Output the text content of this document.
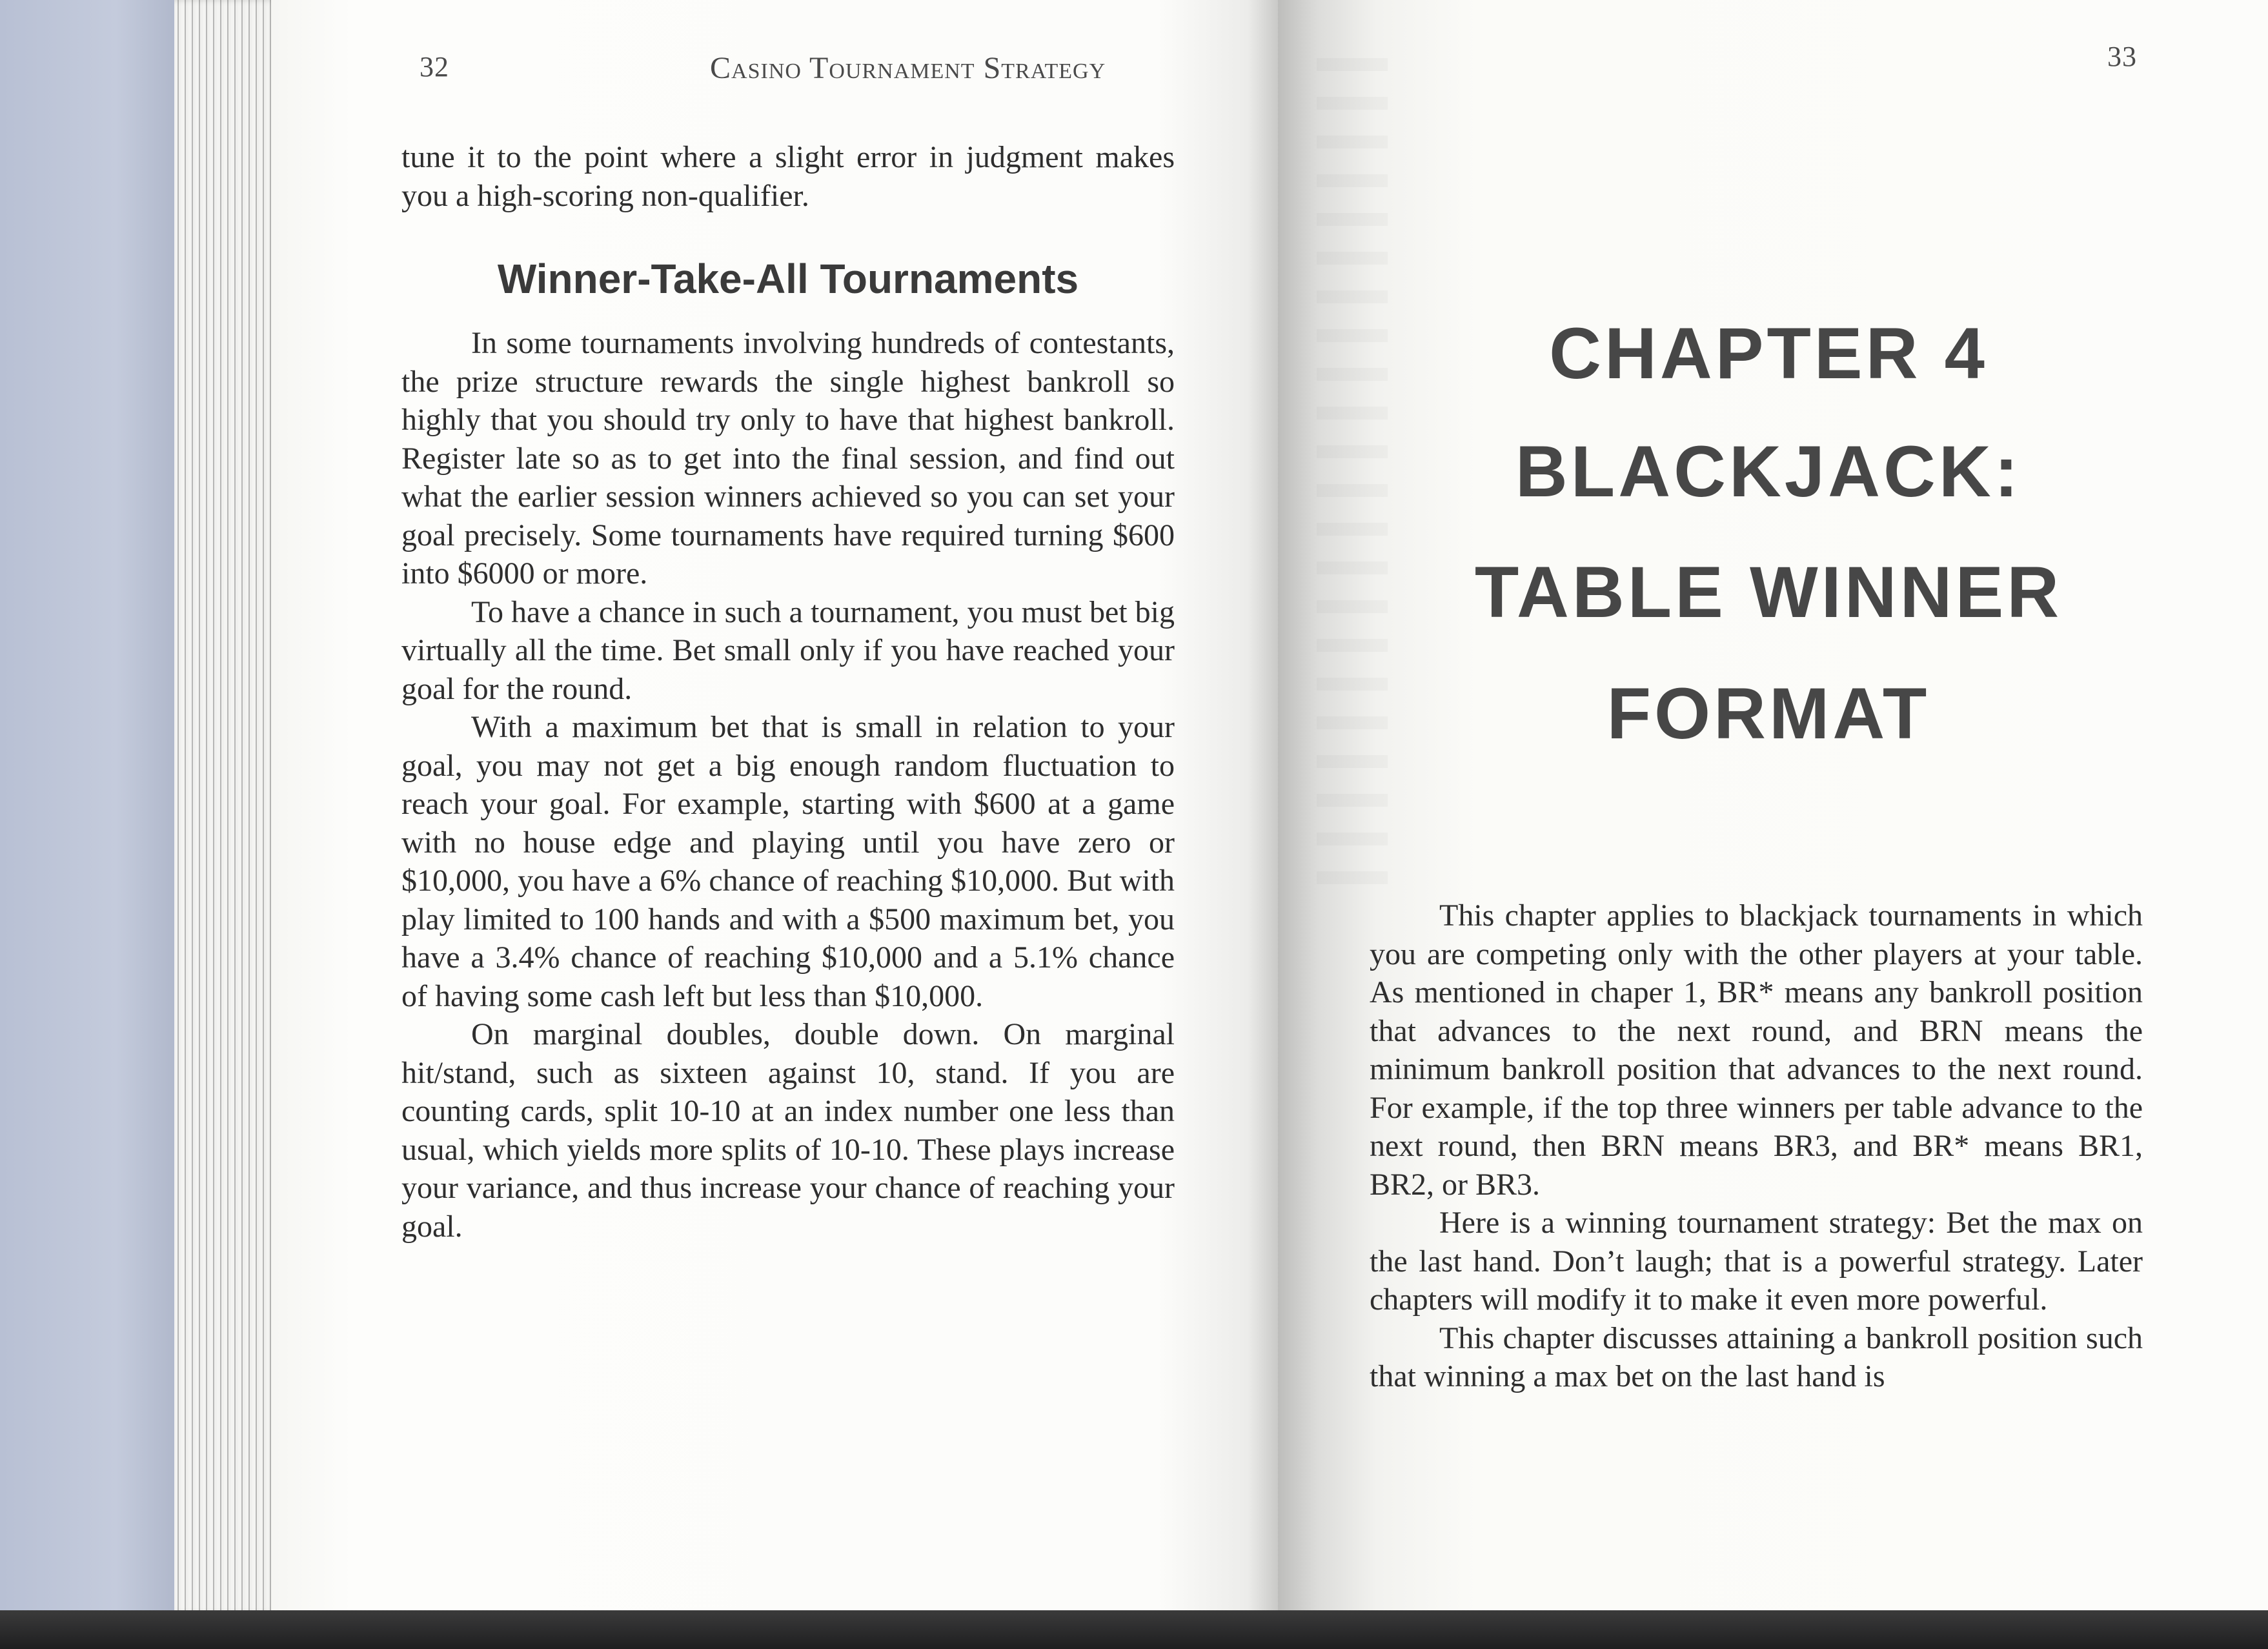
32	Casino Tournament Strategy

tune it to the point where a slight error in judgment makes you a high-scoring non-qualifier.

Winner-Take-All Tournaments

In some tournaments involving hundreds of contestants, the prize structure rewards the single highest bankroll so highly that you should try only to have that highest bankroll. Register late so as to get into the final session, and find out what the earlier session winners achieved so you can set your goal precisely. Some tournaments have required turning $600 into $6000 or more.

To have a chance in such a tournament, you must bet big virtually all the time. Bet small only if you have reached your goal for the round.

With a maximum bet that is small in relation to your goal, you may not get a big enough random fluctuation to reach your goal. For example, starting with $600 at a game with no house edge and playing until you have zero or $10,000, you have a 6% chance of reaching $10,000. But with play limited to 100 hands and with a $500 maximum bet, you have a 3.4% chance of reaching $10,000 and a 5.1% chance of having some cash left but less than $10,000.

On marginal doubles, double down. On marginal hit/stand, such as sixteen against 10, stand. If you are counting cards, split 10-10 at an index number one less than usual, which yields more splits of 10-10. These plays increase your variance, and thus increase your chance of reaching your goal.

33
CHAPTER 4
BLACKJACK:
TABLE WINNER
FORMAT

This chapter applies to blackjack tournaments in which you are competing only with the other players at your table. As mentioned in chaper 1, BR* means any bankroll position that advances to the next round, and BRN means the minimum bankroll position that advances to the next round. For example, if the top three winners per table advance to the next round, then BRN means BR3, and BR* means BR1, BR2, or BR3.

Here is a winning tournament strategy: Bet the max on the last hand. Don’t laugh; that is a powerful strategy. Later chapters will modify it to make it even more powerful.

This chapter discusses attaining a bankroll position such that winning a max bet on the last hand is
